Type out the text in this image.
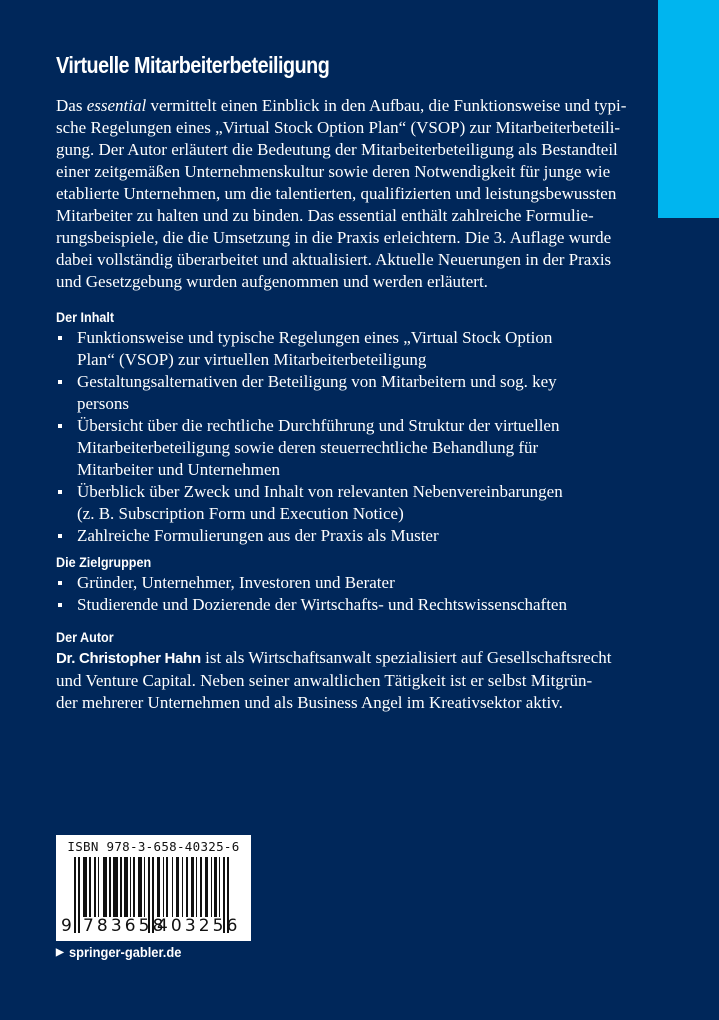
Virtuelle Mitarbeiterbeteiligung

Das essential vermittelt einen Einblick in den Aufbau, die Funktionsweise und typi-
sche Regelungen eines „Virtual Stock Option Plan“ (VSOP) zur Mitarbeiterbeteili-
gung. Der Autor erläutert die Bedeutung der Mitarbeiterbeteiligung als Bestandteil
einer zeitgemäßen Unternehmenskultur sowie deren Notwendigkeit für junge wie
etablierte Unternehmen, um die talentierten, qualifizierten und leistungsbewussten
Mitarbeiter zu halten und zu binden. Das essential enthält zahlreiche Formulie-
rungsbeispiele, die die Umsetzung in die Praxis erleichtern. Die 3. Auflage wurde
dabei vollständig überarbeitet und aktualisiert. Aktuelle Neuerungen in der Praxis
und Gesetzgebung wurden aufgenommen und werden erläutert.

Der Inhalt
Funktionsweise und typische Regelungen eines „Virtual Stock Option
Plan“ (VSOP) zur virtuellen Mitarbeiterbeteiligung
Gestaltungsalternativen der Beteiligung von Mitarbeitern und sog. key
persons
Übersicht über die rechtliche Durchführung und Struktur der virtuellen
Mitarbeiterbeteiligung sowie deren steuerrechtliche Behandlung für
Mitarbeiter und Unternehmen
Überblick über Zweck und Inhalt von relevanten Nebenvereinbarungen
(z. B. Subscription Form und Execution Notice)
Zahlreiche Formulierungen aus der Praxis als Muster
Die Zielgruppen
Gründer, Unternehmer, Investoren und Berater
Studierende und Dozierende der Wirtschafts- und Rechtswissenschaften
Der Autor
Dr. Christopher Hahn ist als Wirtschaftsanwalt spezialisiert auf Gesellschaftsrecht
und Venture Capital. Neben seiner anwaltlichen Tätigkeit ist er selbst Mitgrün-
der mehrerer Unternehmen und als Business Angel im Kreativsektor aktiv.
ISBN 978-3-658-40325-6
9 783658
403256
▶ springer-gabler.de
